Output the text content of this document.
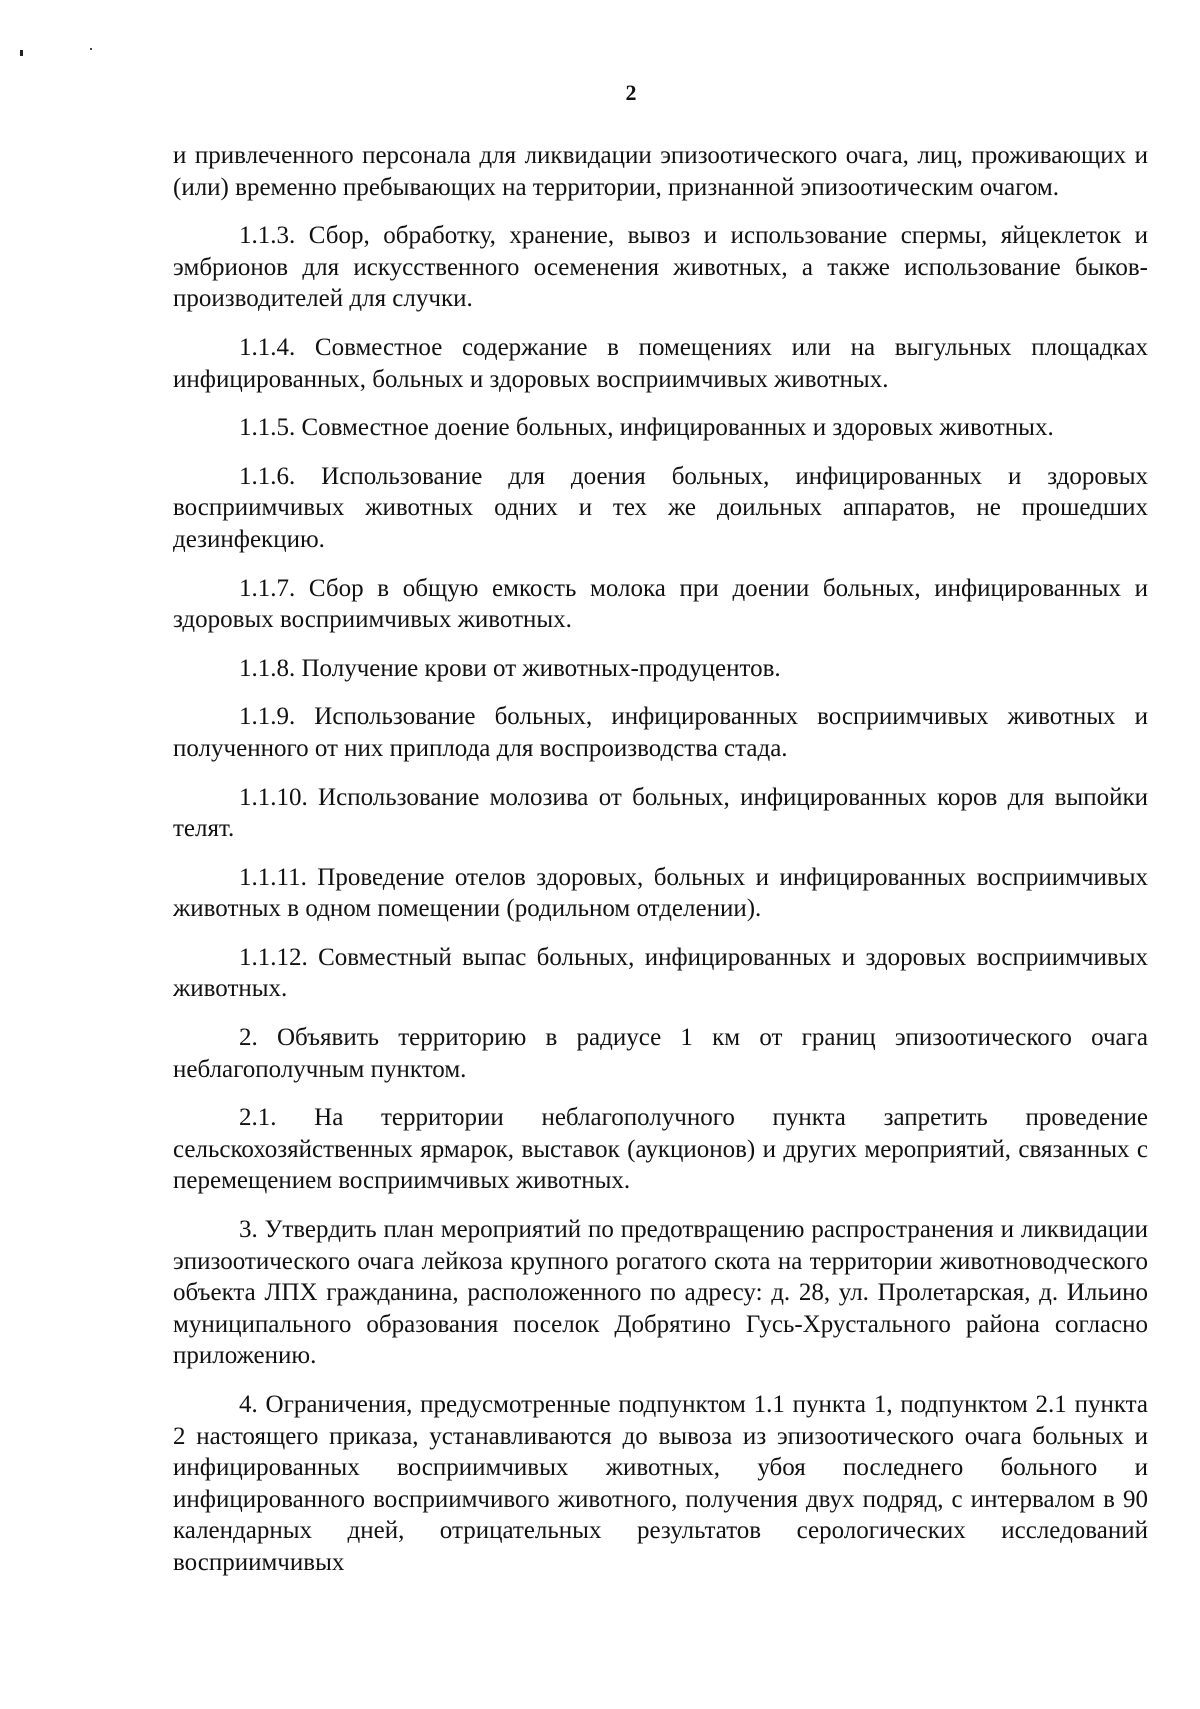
2

и привлеченного персонала для ликвидации эпизоотического очага, лиц, проживающих и (или) временно пребывающих на территории, признанной эпизоотическим очагом.

1.1.3. Сбор, обработку, хранение, вывоз и использование спермы, яйцеклеток и эмбрионов для искусственного осеменения животных, а также использование быков-производителей для случки.

1.1.4. Совместное содержание в помещениях или на выгульных площадках инфицированных, больных и здоровых восприимчивых животных.

1.1.5. Совместное доение больных, инфицированных и здоровых животных.

1.1.6. Использование для доения больных, инфицированных и здоровых восприимчивых животных одних и тех же доильных аппаратов, не прошедших дезинфекцию.

1.1.7. Сбор в общую емкость молока при доении больных, инфицированных и здоровых восприимчивых животных.

1.1.8. Получение крови от животных-продуцентов.

1.1.9. Использование больных, инфицированных восприимчивых животных и полученного от них приплода для воспроизводства стада.

1.1.10. Использование молозива от больных, инфицированных коров для выпойки телят.

1.1.11. Проведение отелов здоровых, больных и инфицированных восприимчивых животных в одном помещении (родильном отделении).

1.1.12. Совместный выпас больных, инфицированных и здоровых восприимчивых животных.

2. Объявить территорию в радиусе 1 км от границ эпизоотического очага неблагополучным пунктом.

2.1. На территории неблагополучного пункта запретить проведение сельскохозяйственных ярмарок, выставок (аукционов) и других мероприятий, связанных с перемещением восприимчивых животных.

3. Утвердить план мероприятий по предотвращению распространения и ликвидации эпизоотического очага лейкоза крупного рогатого скота на территории животноводческого объекта ЛПХ гражданина, расположенного по адресу: д. 28, ул. Пролетарская, д. Ильино муниципального образования поселок Добрятино Гусь-Хрустального района согласно приложению.

4. Ограничения, предусмотренные подпунктом 1.1 пункта 1, подпунктом 2.1 пункта 2 настоящего приказа, устанавливаются до вывоза из эпизоотического очага больных и инфицированных восприимчивых животных, убоя последнего больного и инфицированного восприимчивого животного, получения двух подряд, с интервалом в 90 календарных дней, отрицательных результатов серологических исследований восприимчивых
